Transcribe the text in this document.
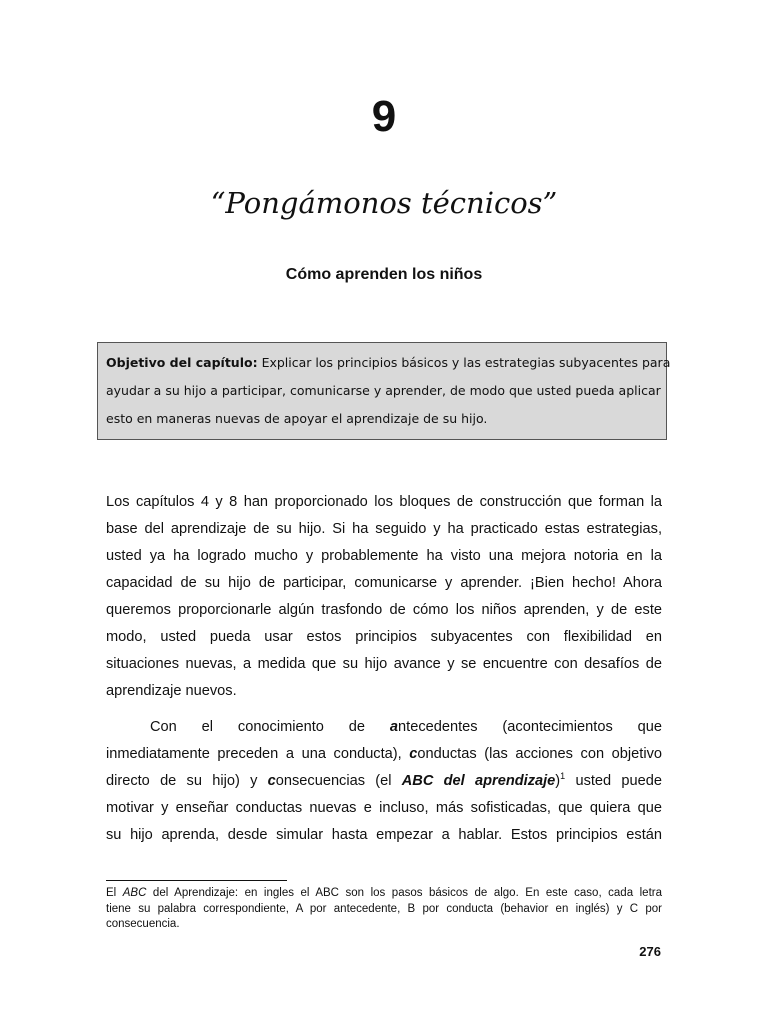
9
“Pongámonos técnicos”
Cómo aprenden los niños
Objetivo del capítulo: Explicar los principios básicos y las estrategias subyacentes para
ayudar a su hijo a participar, comunicarse y aprender, de modo que usted pueda aplicar
esto en maneras nuevas de apoyar el aprendizaje de su hijo.
Los capítulos 4 y 8 han proporcionado los bloques de construcción que forman la
base del aprendizaje de su hijo. Si ha seguido y ha practicado estas estrategias,
usted ya ha logrado mucho y probablemente ha visto una mejora notoria en la
capacidad de su hijo de participar, comunicarse y aprender. ¡Bien hecho! Ahora
queremos proporcionarle algún trasfondo de cómo los niños aprenden, y de este
modo, usted pueda usar estos principios subyacentes con flexibilidad en
situaciones nuevas, a medida que su hijo avance y se encuentre con desafíos de
aprendizaje nuevos.
Con el conocimiento de antecedentes (acontecimientos que
inmediatamente preceden a una conducta), conductas (las acciones con objetivo
directo de su hijo) y consecuencias (el ABC del aprendizaje)$^1$ usted puede
motivar y enseñar conductas nuevas e incluso, más sofisticadas, que quiera que
su hijo aprenda, desde simular hasta empezar a hablar. Estos principios están
El ABC del Aprendizaje: en ingles el ABC son los pasos básicos de algo. En este caso, cada letra
tiene su palabra correspondiente, A por antecedente, B por conducta (behavior en inglés) y C por
consecuencia.
276
